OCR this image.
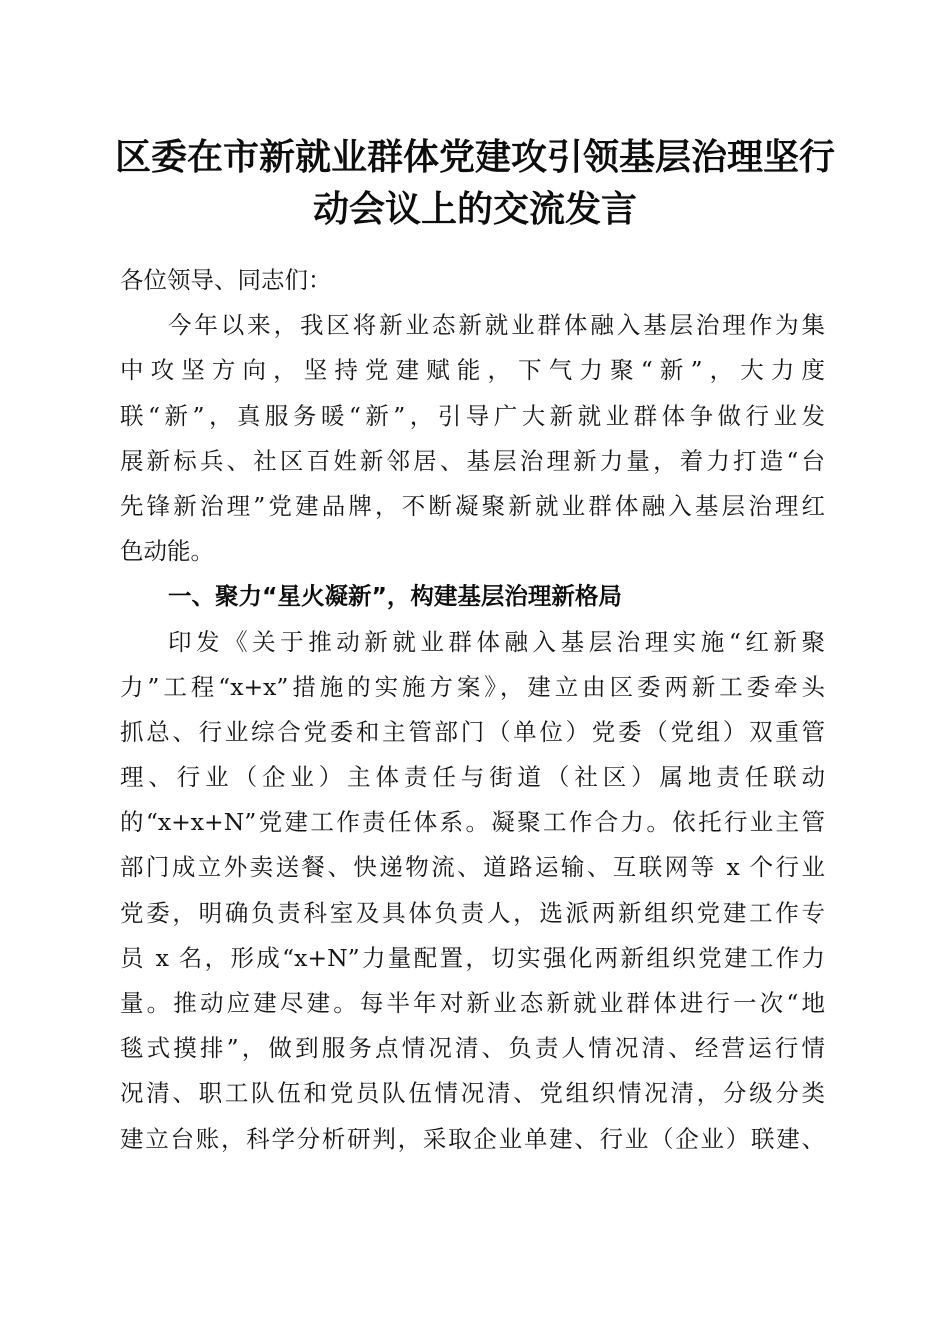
区委在市新就业群体党建攻引领基层治理坚行
动会议上的交流发言
各位领导、同志们：
今年以来，我区将新业态新就业群体融入基层治理作为集
中攻坚方向，坚持党建赋能，下气力聚“新”，大力度
联“新”，真服务暖“新”，引导广大新就业群体争做行业发
展新标兵、社区百姓新邻居、基层治理新力量，着力打造“台
先锋新治理”党建品牌，不断凝聚新就业群体融入基层治理红
色动能。
一、聚力“星火凝新”，构建基层治理新格局
印发《关于推动新就业群体融入基层治理实施“红新聚
力”工程“x+x”措施的实施方案》，建立由区委两新工委牵头
抓总、行业综合党委和主管部门（单位）党委（党组）双重管
理、行业（企业）主体责任与街道（社区）属地责任联动
的“x+x+N”党建工作责任体系。凝聚工作合力。依托行业主管
部门成立外卖送餐、快递物流、道路运输、互联网等 x 个行业
党委，明确负责科室及具体负责人，选派两新组织党建工作专
员 x 名，形成“x+N”力量配置，切实强化两新组织党建工作力
量。推动应建尽建。每半年对新业态新就业群体进行一次“地
毯式摸排”，做到服务点情况清、负责人情况清、经营运行情
况清、职工队伍和党员队伍情况清、党组织情况清，分级分类
建立台账，科学分析研判，采取企业单建、行业（企业）联建、
